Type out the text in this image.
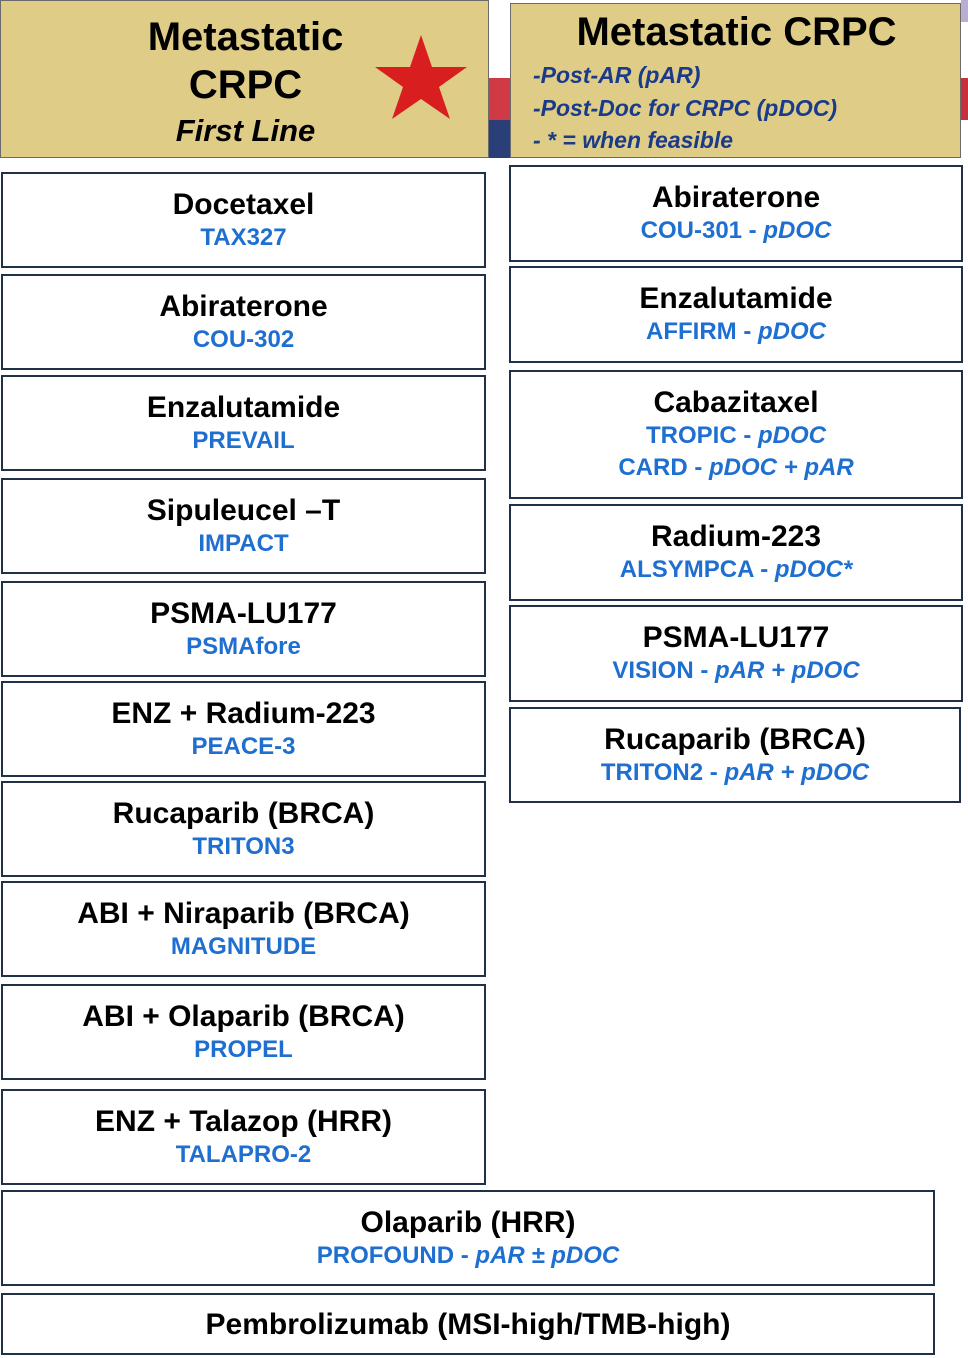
Metastatic
CRPC
First Line
Metastatic CRPC
-Post-AR (pAR)
-Post-Doc for CRPC (pDOC)
- * = when feasible
Docetaxel
TAX327
Abiraterone
COU-302
Enzalutamide
PREVAIL
Sipuleucel –T
IMPACT
PSMA-LU177
PSMAfore
ENZ + Radium-223
PEACE-3
Rucaparib (BRCA)
TRITON3
ABI + Niraparib (BRCA)
MAGNITUDE
ABI + Olaparib (BRCA)
PROPEL
ENZ + Talazop (HRR)
TALAPRO-2
Abiraterone
COU-301 - pDOC
Enzalutamide
AFFIRM - pDOC
Cabazitaxel
TROPIC - pDOC
CARD - pDOC + pAR
Radium-223
ALSYMPCA - pDOC*
PSMA-LU177
VISION - pAR + pDOC
Rucaparib (BRCA)
TRITON2 - pAR + pDOC
Olaparib (HRR)
PROFOUND - pAR ± pDOC
Pembrolizumab (MSI-high/TMB-high)
